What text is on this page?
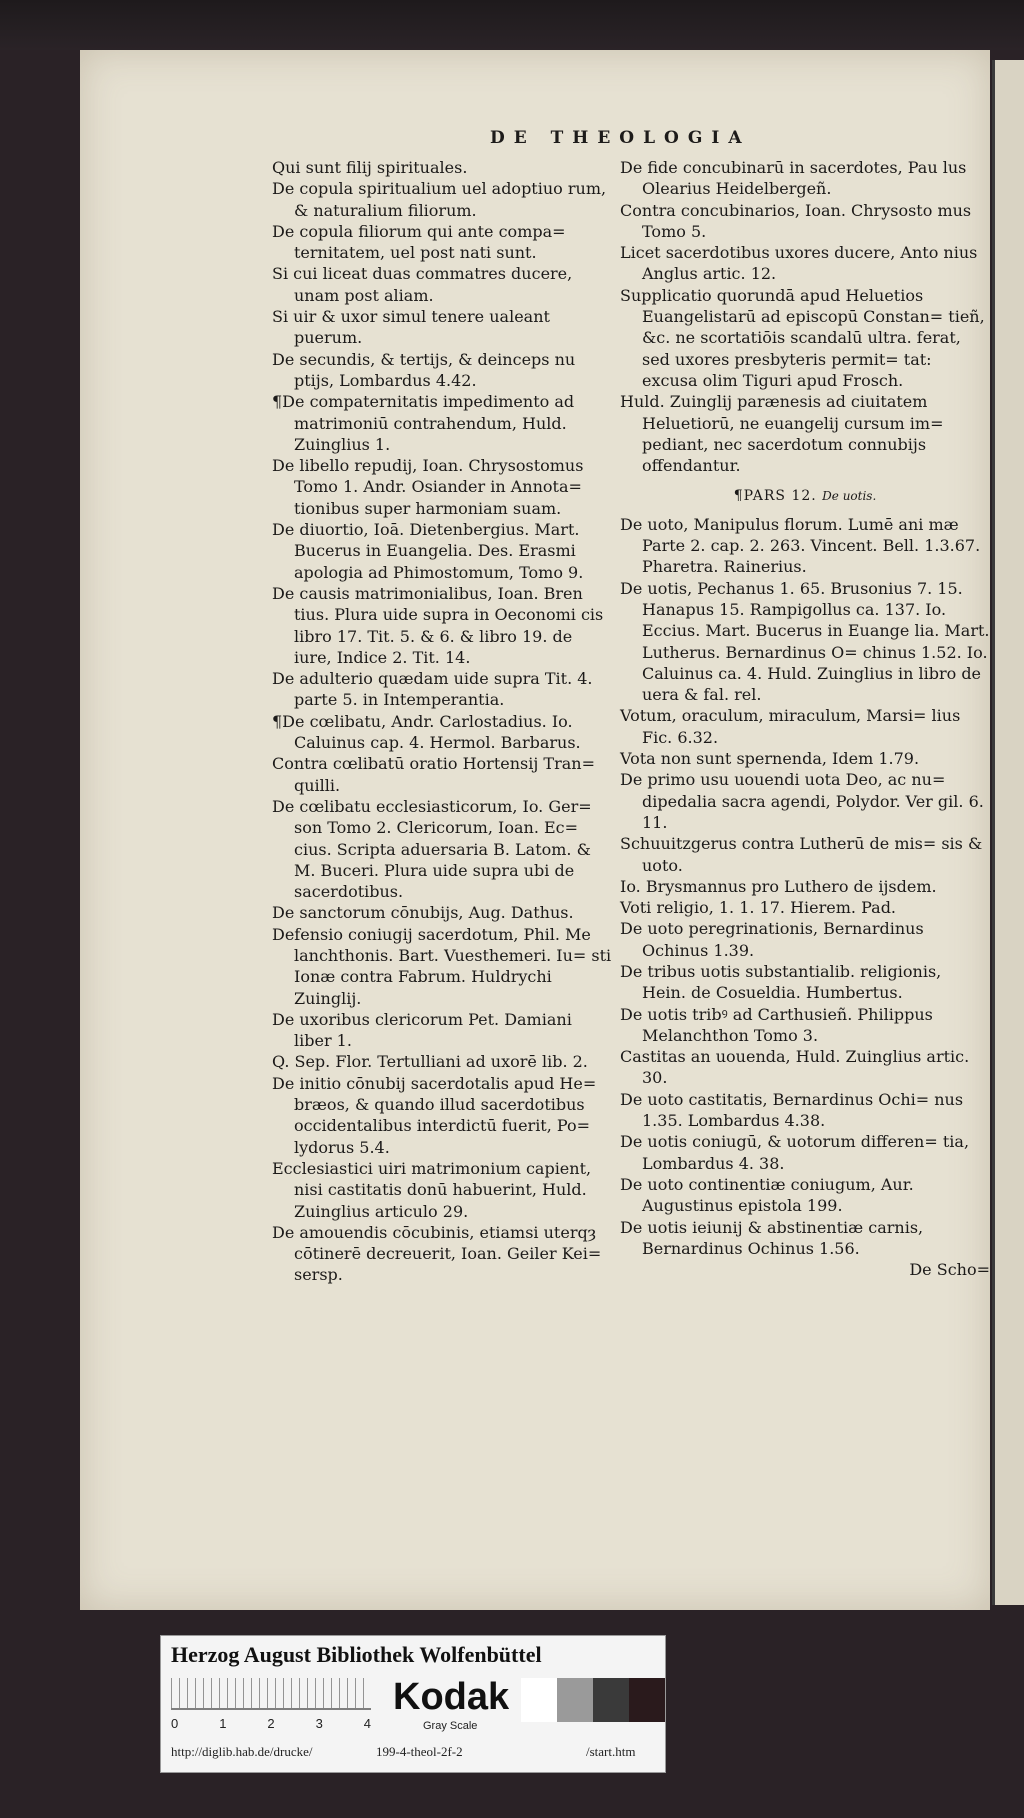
DE THEOLOGIA

Qui sunt filij spirituales.

De copula spiritualium uel adoptiuo rum, & naturalium filiorum.

De copula filiorum qui ante compa= ternitatem, uel post nati sunt.

Si cui liceat duas commatres ducere, unam post aliam.

Si uir & uxor simul tenere ualeant puerum.

De secundis, & tertijs, & deinceps nu ptijs, Lombardus 4.42.

¶De compaternitatis impedimento ad matrimoniū contrahendum, Huld. Zuinglius 1.

De libello repudij, Ioan. Chrysostomus Tomo 1. Andr. Osiander in Annota= tionibus super harmoniam suam.

De diuortio, Ioā. Dietenbergius. Mart. Bucerus in Euangelia. Des. Erasmi apologia ad Phimostomum, Tomo 9.

De causis matrimonialibus, Ioan. Bren tius. Plura uide supra in Oeconomi cis libro 17. Tit. 5. & 6. & libro 19. de iure, Indice 2. Tit. 14.

De adulterio quædam uide supra Tit. 4. parte 5. in Intemperantia.

¶De cœlibatu, Andr. Carlostadius. Io. Caluinus cap. 4. Hermol. Barbarus.

Contra cœlibatū oratio Hortensij Tran= quilli.

De cœlibatu ecclesiasticorum, Io. Ger= son Tomo 2. Clericorum, Ioan. Ec= cius. Scripta aduersaria B. Latom. & M. Buceri. Plura uide supra ubi de sacerdotibus.

De sanctorum cōnubijs, Aug. Dathus.

Defensio coniugij sacerdotum, Phil. Me lanchthonis. Bart. Vuesthemeri. Iu= sti Ionæ contra Fabrum. Huldrychi Zuinglij.

De uxoribus clericorum Pet. Damiani liber 1.

Q. Sep. Flor. Tertulliani ad uxorē lib. 2.

De initio cōnubij sacerdotalis apud He= bræos, & quando illud sacerdotibus occidentalibus interdictū fuerit, Po= lydorus 5.4.

Ecclesiastici uiri matrimonium capient, nisi castitatis donū habuerint, Huld. Zuinglius articulo 29.

De amouendis cōcubinis, etiamsi uterqȝ cōtinerē decreuerit, Ioan. Geiler Kei= sersp.

De fide concubinarū in sacerdotes, Pau lus Olearius Heidelbergeñ.

Contra concubinarios, Ioan. Chrysosto mus Tomo 5.

Licet sacerdotibus uxores ducere, Anto nius Anglus artic. 12.

Supplicatio quorundā apud Heluetios Euangelistarū ad episcopū Constan= tieñ, &c. ne scortatiōis scandalū ultra. ferat, sed uxores presbyteris permit= tat: excusa olim Tiguri apud Frosch.

Huld. Zuinglij parænesis ad ciuitatem Heluetiorū, ne euangelij cursum im= pediant, nec sacerdotum connubijs offendantur.

¶PARS 12. De uotis.

De uoto, Manipulus florum. Lumē ani mæ Parte 2. cap. 2. 263. Vincent. Bell. 1.3.67. Pharetra. Rainerius.

De uotis, Pechanus 1. 65. Brusonius 7. 15. Hanapus 15. Rampigollus ca. 137. Io. Eccius. Mart. Bucerus in Euange lia. Mart. Lutherus. Bernardinus O= chinus 1.52. Io. Caluinus ca. 4. Huld. Zuinglius in libro de uera & fal. rel.

Votum, oraculum, miraculum, Marsi= lius Fic. 6.32.

Vota non sunt spernenda, Idem 1.79.

De primo usu uouendi uota Deo, ac nu= dipedalia sacra agendi, Polydor. Ver gil. 6. 11.

Schuuitzgerus contra Lutherū de mis= sis & uoto.

Io. Brysmannus pro Luthero de ijsdem.

Voti religio, 1. 1. 17. Hierem. Pad.

De uoto peregrinationis, Bernardinus Ochinus 1.39.

De tribus uotis substantialib. religionis, Hein. de Cosueldia. Humbertus.

De uotis tribꝰ ad Carthusieñ. Philippus Melanchthon Tomo 3.

Castitas an uouenda, Huld. Zuinglius artic. 30.

De uoto castitatis, Bernardinus Ochi= nus 1.35. Lombardus 4.38.

De uotis coniugū, & uotorum differen= tia, Lombardus 4. 38.

De uoto continentiæ coniugum, Aur. Augustinus epistola 199.

De uotis ieiunij & abstinentiæ carnis, Bernardinus Ochinus 1.56.

De Scho=

Herzog August Bibliothek Wolfenbüttel
0	1	2	3	4
Kodak
Gray Scale
http://diglib.hab.de/drucke/	199-4-theol-2f-2	/start.htm
